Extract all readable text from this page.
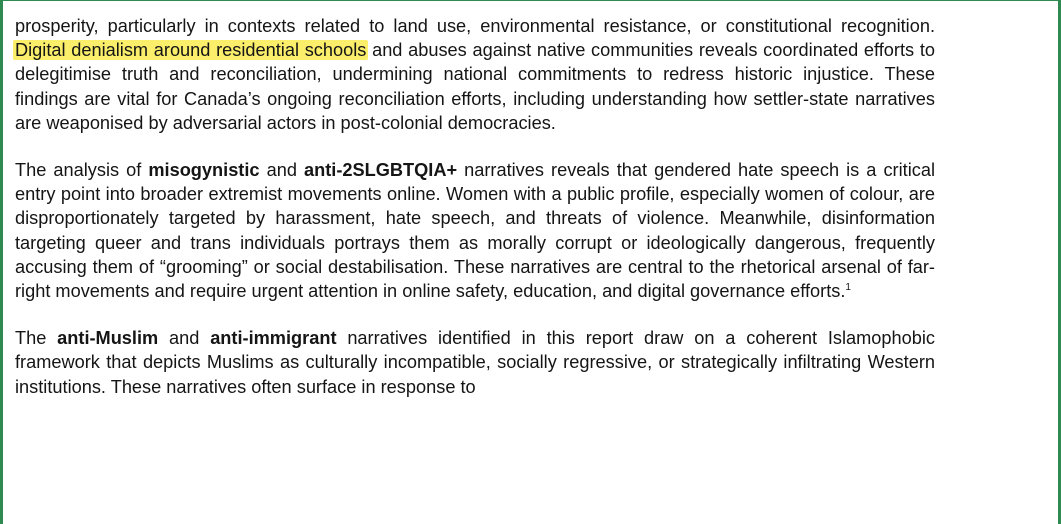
prosperity, particularly in contexts related to land use, environmental resistance, or constitutional recognition. Digital denialism around residential schools and abuses against native communities reveals coordinated efforts to delegitimise truth and reconciliation, undermining national commitments to redress historic injustice. These findings are vital for Canada’s ongoing reconciliation efforts, including understanding how settler-state narratives are weaponised by adversarial actors in post-colonial democracies.

The analysis of misogynistic and anti-2SLGBTQIA+ narratives reveals that gendered hate speech is a critical entry point into broader extremist movements online. Women with a public profile, especially women of colour, are disproportionately targeted by harassment, hate speech, and threats of violence. Meanwhile, disinformation targeting queer and trans individuals portrays them as morally corrupt or ideologically dangerous, frequently accusing them of “grooming” or social destabilisation. These narratives are central to the rhetorical arsenal of far-right movements and require urgent attention in online safety, education, and digital governance efforts.$^1$

The anti-Muslim and anti-immigrant narratives identified in this report draw on a coherent Islamophobic framework that depicts Muslims as culturally incompatible, socially regressive, or strategically infiltrating Western institutions. These narratives often surface in response to
